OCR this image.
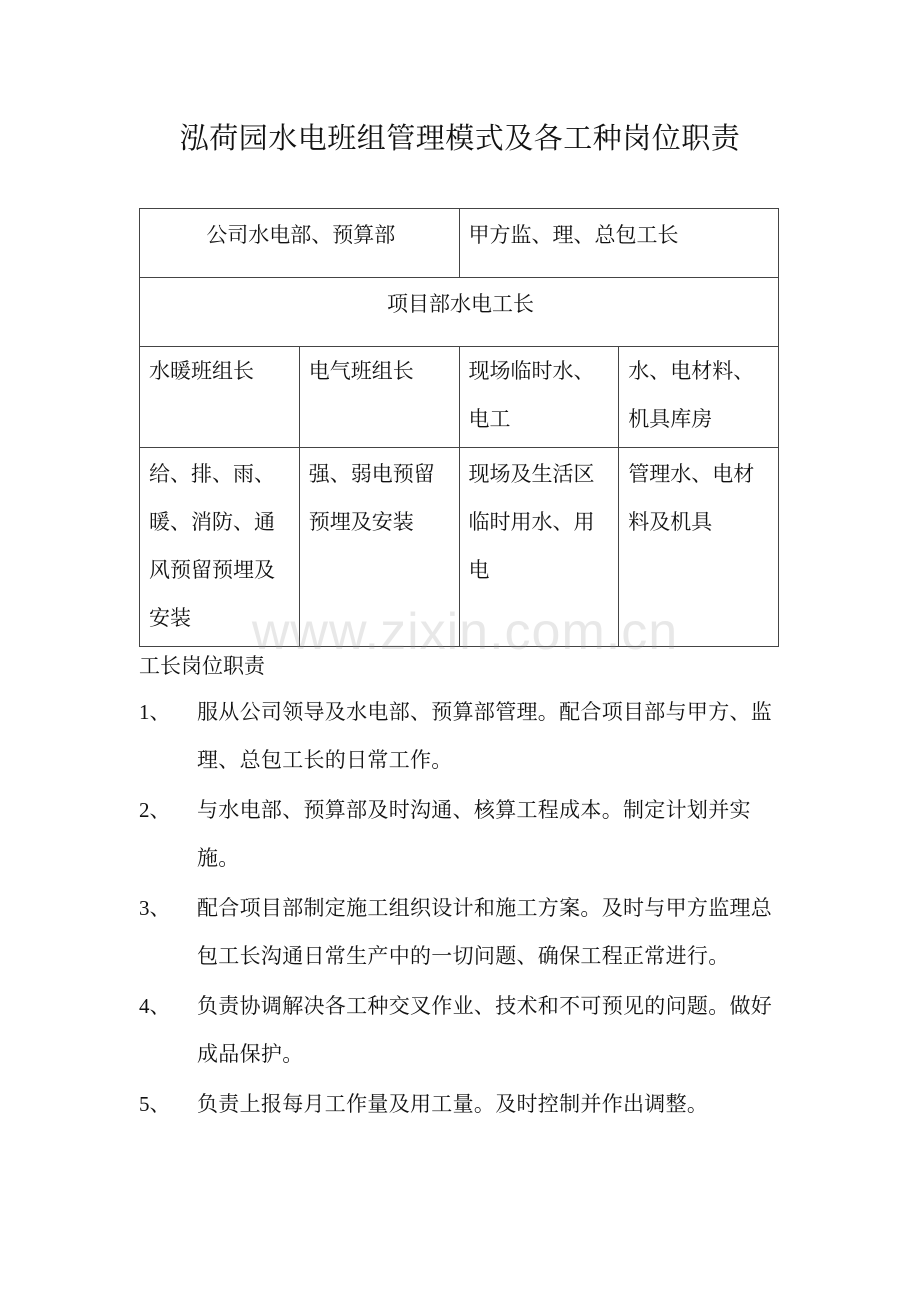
泓荷园水电班组管理模式及各工种岗位职责
公司水电部、预算部		甲方监、理、总包工长	
项目部水电工长			
水暖班组长	电气班组长	现场临时水、电工	水、电材料、机具库房
给、排、雨、暖、消防、通风预留预埋及安装	强、弱电预留预埋及安装	现场及生活区临时用水、用电	管理水、电材料及机具
www.zixin.com.cn
工长岗位职责
1、	服从公司领导及水电部、预算部管理。配合项目部与甲方、监理、总包工长的日常工作。
2、	与水电部、预算部及时沟通、核算工程成本。制定计划并实施。
3、	配合项目部制定施工组织设计和施工方案。及时与甲方监理总包工长沟通日常生产中的一切问题、确保工程正常进行。
4、	负责协调解决各工种交叉作业、技术和不可预见的问题。做好成品保护。
5、	负责上报每月工作量及用工量。及时控制并作出调整。
